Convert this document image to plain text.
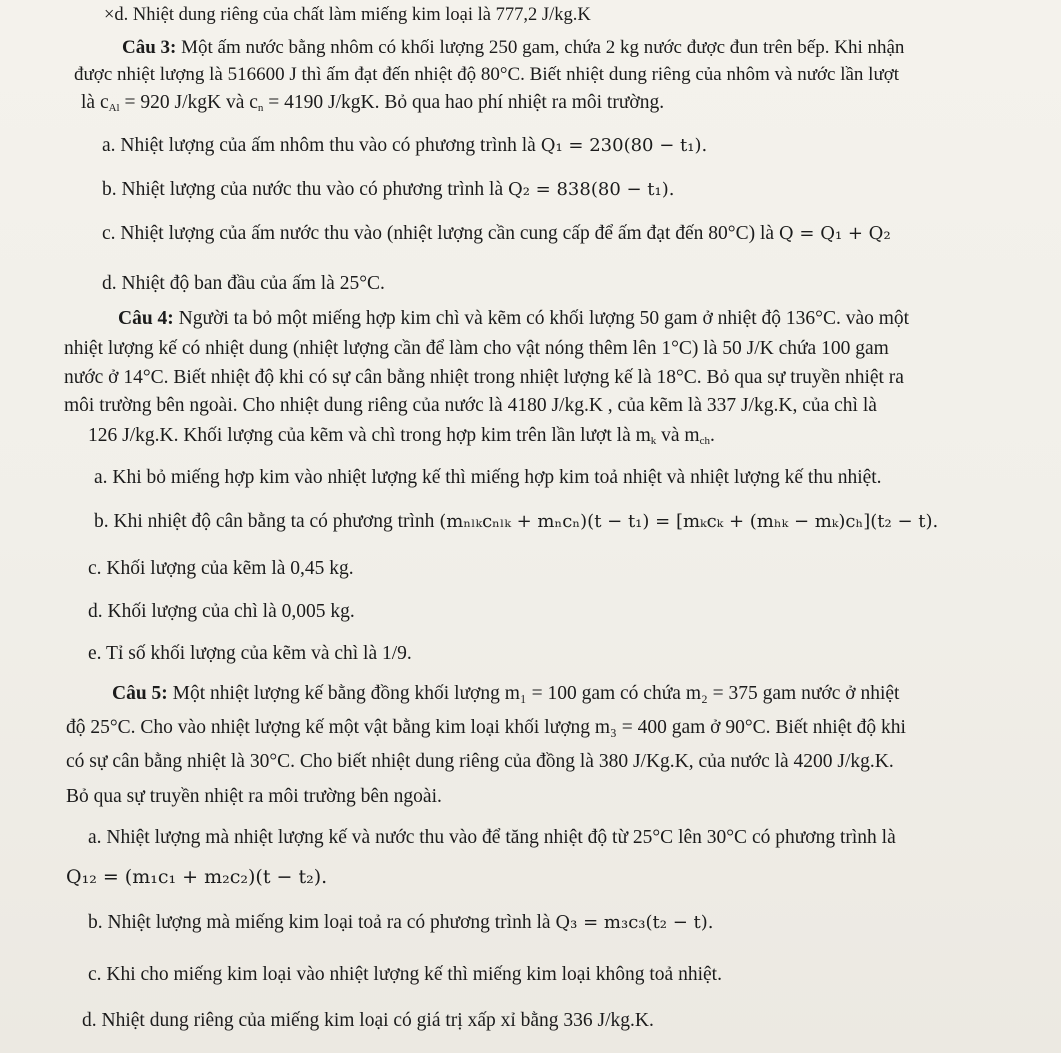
×d. Nhiệt dung riêng của chất làm miếng kim loại là 777,2 J/kg.K
Câu 3: Một ấm nước bằng nhôm có khối lượng 250 gam, chứa 2 kg nước được đun trên bếp. Khi nhận
được nhiệt lượng là 516600 J thì ấm đạt đến nhiệt độ 80°C. Biết nhiệt dung riêng của nhôm và nước lần lượt
là $c_{Al} = 920$ J/kgK và $c_n = 4190$ J/kgK. Bỏ qua hao phí nhiệt ra môi trường.
a. Nhiệt lượng của ấm nhôm thu vào có phương trình là Q₁ = 230(80 − t₁).
b. Nhiệt lượng của nước thu vào có phương trình là Q₂ = 838(80 − t₁).
c. Nhiệt lượng của ấm nước thu vào (nhiệt lượng cần cung cấp để ấm đạt đến 80°C) là Q = Q₁ + Q₂
d. Nhiệt độ ban đầu của ấm là 25°C.
Câu 4: Người ta bỏ một miếng hợp kim chì và kẽm có khối lượng 50 gam ở nhiệt độ 136°C. vào một
nhiệt lượng kế có nhiệt dung (nhiệt lượng cần để làm cho vật nóng thêm lên 1°C) là 50 J/K chứa 100 gam
nước ở 14°C. Biết nhiệt độ khi có sự cân bằng nhiệt trong nhiệt lượng kế là 18°C. Bỏ qua sự truyền nhiệt ra
môi trường bên ngoài. Cho nhiệt dung riêng của nước là 4180 J/kg.K , của kẽm là 337 J/kg.K, của chì là
126 J/kg.K. Khối lượng của kẽm và chì trong hợp kim trên lần lượt là $m_k$ và $m_{ch}$.
a. Khi bỏ miếng hợp kim vào nhiệt lượng kế thì miếng hợp kim toả nhiệt và nhiệt lượng kế thu nhiệt.
b. Khi nhiệt độ cân bằng ta có phương trình (mₙₗₖcₙₗₖ + mₙcₙ)(t − t₁) = [mₖcₖ + (mₕₖ − mₖ)cₕ](t₂ − t).
c. Khối lượng của kẽm là 0,45 kg.
d. Khối lượng của chì là 0,005 kg.
e. Tỉ số khối lượng của kẽm và chì là 1/9.
Câu 5: Một nhiệt lượng kế bằng đồng khối lượng m₁ = 100 gam có chứa m₂ = 375 gam nước ở nhiệt
độ 25°C. Cho vào nhiệt lượng kế một vật bằng kim loại khối lượng m₃ = 400 gam ở 90°C. Biết nhiệt độ khi
có sự cân bằng nhiệt là 30°C. Cho biết nhiệt dung riêng của đồng là 380 J/Kg.K, của nước là 4200 J/kg.K.
Bỏ qua sự truyền nhiệt ra môi trường bên ngoài.
a. Nhiệt lượng mà nhiệt lượng kế và nước thu vào để tăng nhiệt độ từ 25°C lên 30°C có phương trình là
Q₁₂ = (m₁c₁ + m₂c₂)(t − t₂).
b. Nhiệt lượng mà miếng kim loại toả ra có phương trình là Q₃ = m₃c₃(t₂ − t).
c. Khi cho miếng kim loại vào nhiệt lượng kế thì miếng kim loại không toả nhiệt.
d. Nhiệt dung riêng của miếng kim loại có giá trị xấp xỉ bằng 336 J/kg.K.
